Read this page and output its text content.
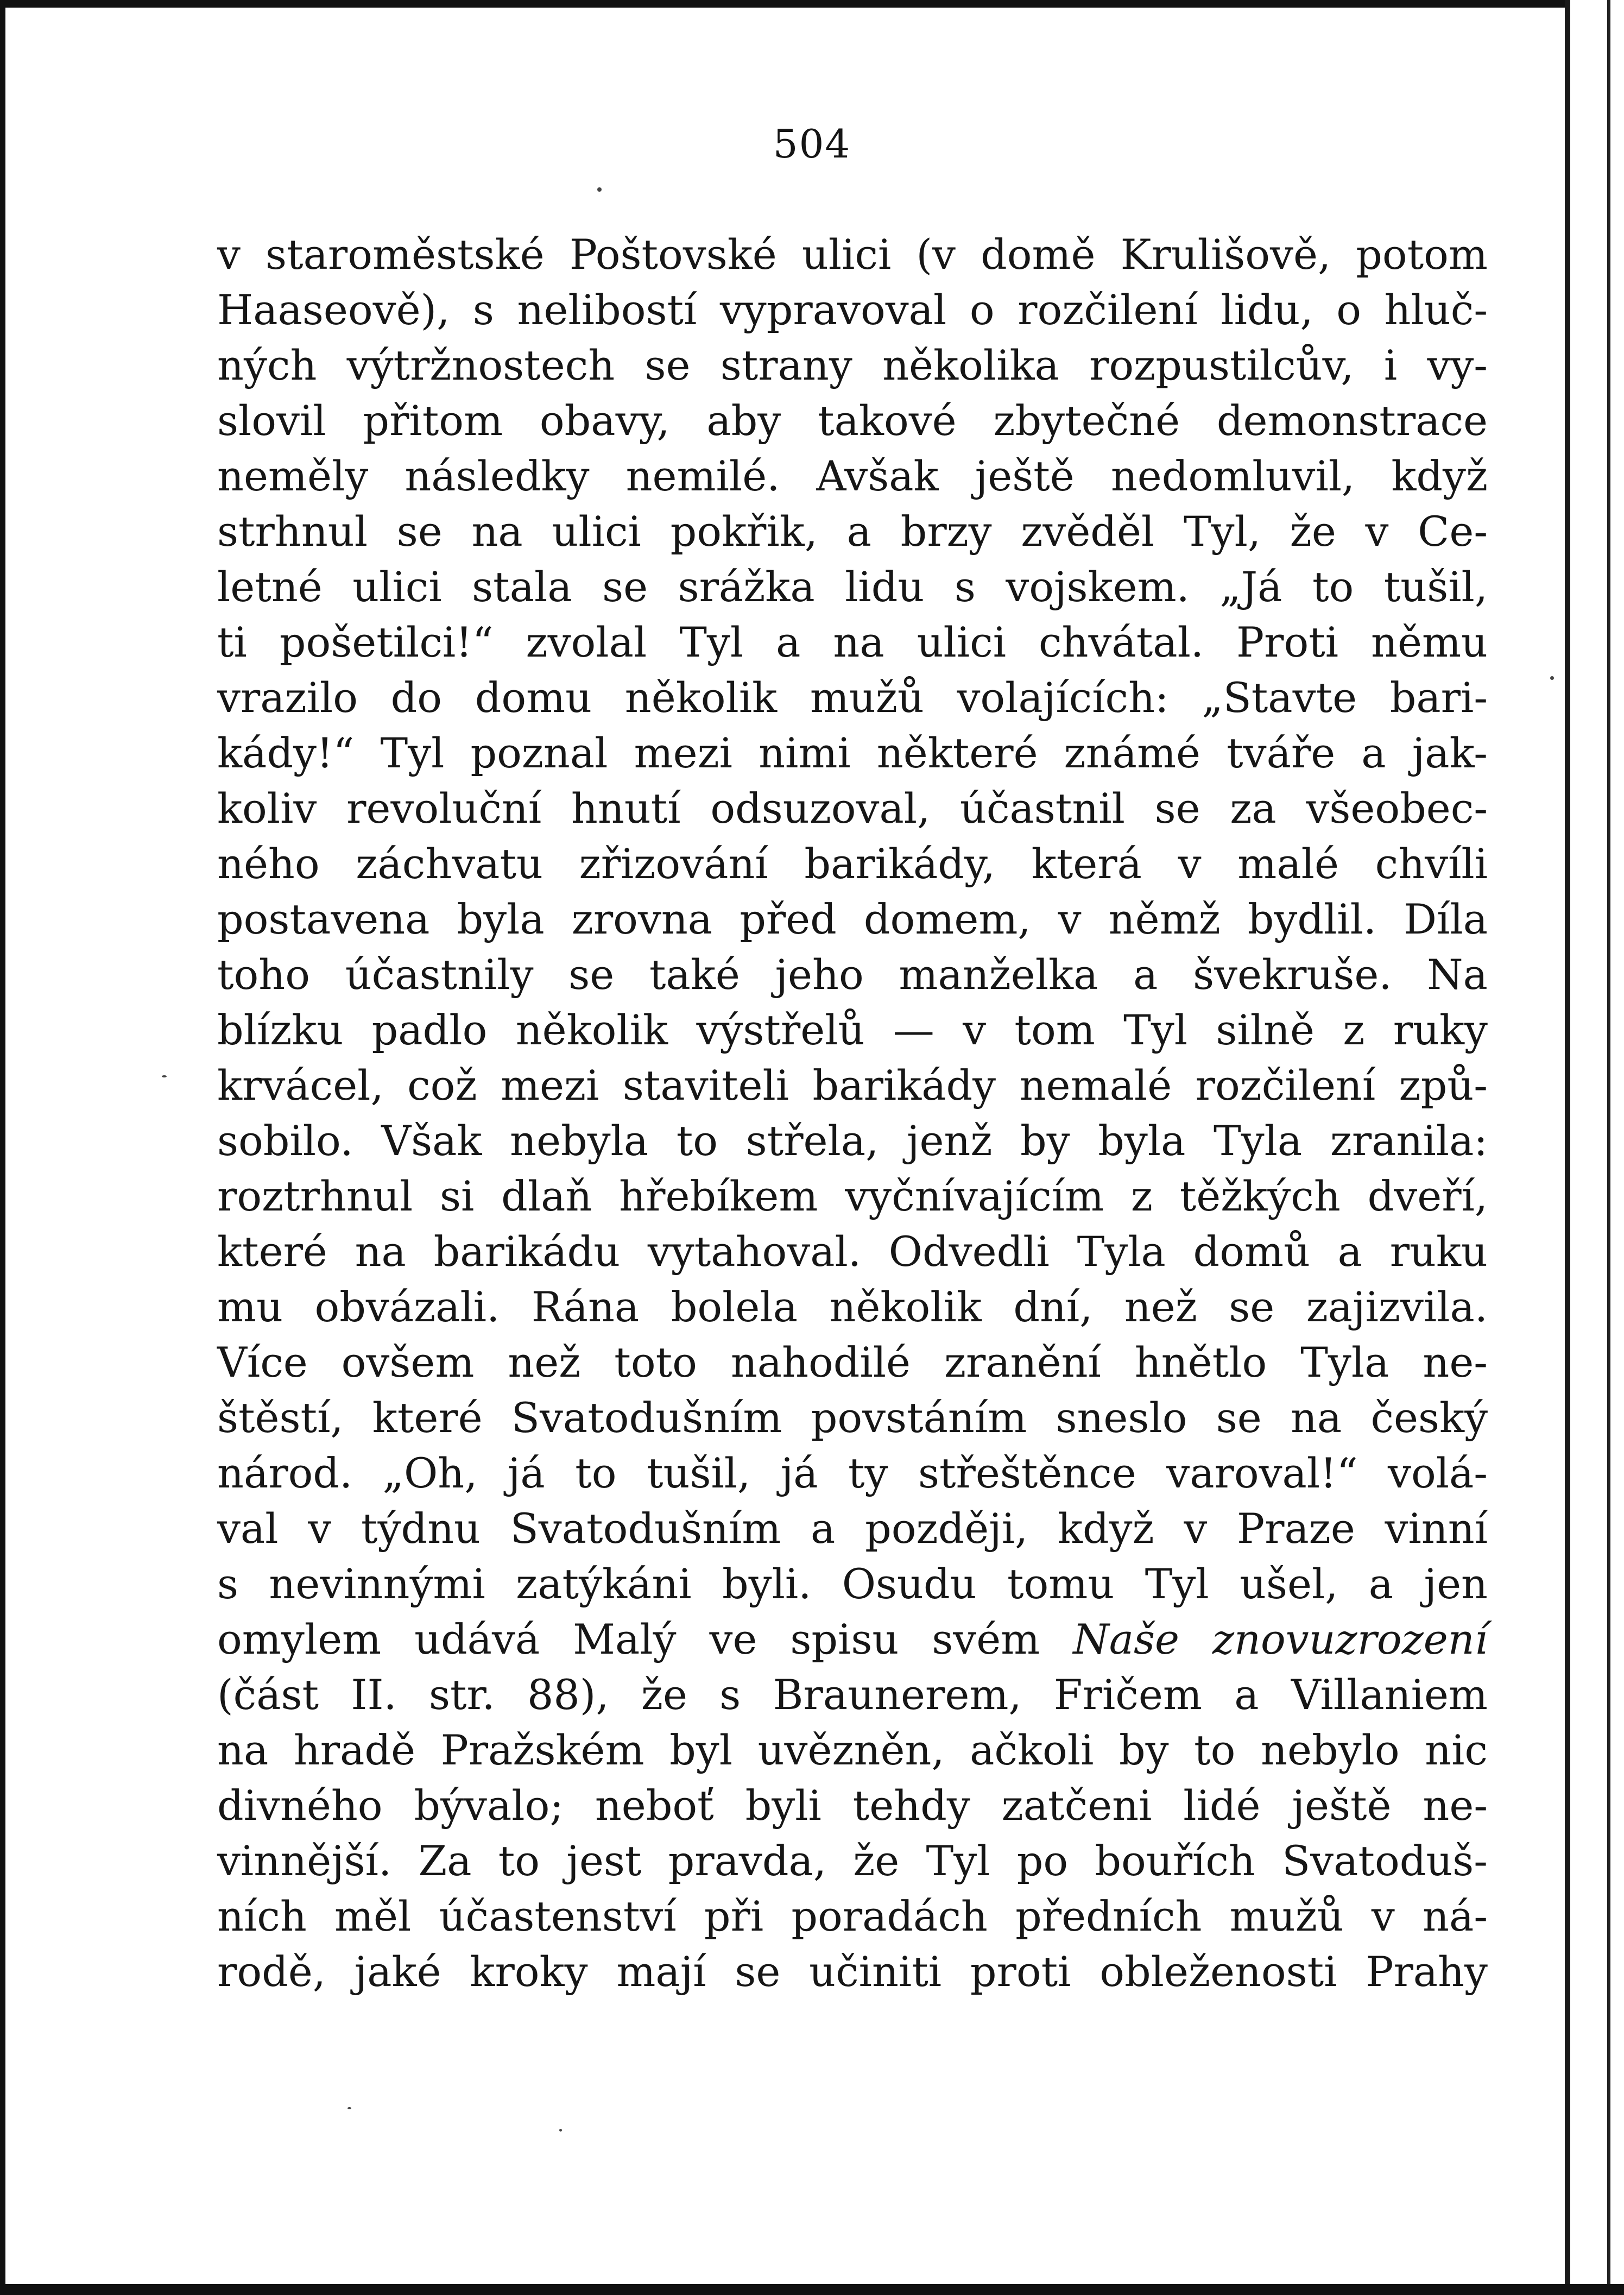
504
v staroměstské Poštovské ulici (v domě Krulišově, potom
Haaseově), s nelibostí vypravoval o rozčilení lidu, o hluč-
ných výtržnostech se strany několika rozpustilcův, i vy-
slovil přitom obavy, aby takové zbytečné demonstrace
neměly následky nemilé. Avšak ještě nedomluvil, když
strhnul se na ulici pokřik, a brzy zvěděl Tyl, že v Ce-
letné ulici stala se srážka lidu s vojskem. „Já to tušil,
ti pošetilci!“ zvolal Tyl a na ulici chvátal. Proti němu
vrazilo do domu několik mužů volajících: „Stavte bari-
kády!“ Tyl poznal mezi nimi některé známé tváře a jak-
koliv revoluční hnutí odsuzoval, účastnil se za všeobec-
ného záchvatu zřizování barikády, která v malé chvíli
postavena byla zrovna před domem, v němž bydlil. Díla
toho účastnily se také jeho manželka a švekruše. Na
blízku padlo několik výstřelů — v tom Tyl silně z ruky
krvácel, což mezi staviteli barikády nemalé rozčilení způ-
sobilo. Však nebyla to střela, jenž by byla Tyla zranila:
roztrhnul si dlaň hřebíkem vyčnívajícím z těžkých dveří,
které na barikádu vytahoval. Odvedli Tyla domů a ruku
mu obvázali. Rána bolela několik dní, než se zajizvila.
Více ovšem než toto nahodilé zranění hnětlo Tyla ne-
štěstí, které Svatodušním povstáním sneslo se na český
národ. „Oh, já to tušil, já ty střeštěnce varoval!“ volá-
val v týdnu Svatodušním a později, když v Praze vinní
s nevinnými zatýkáni byli. Osudu tomu Tyl ušel, a jen
omylem udává Malý ve spisu svém Naše znovuzrození
(část II. str. 88), že s Braunerem, Fričem a Villaniem
na hradě Pražském byl uvězněn, ačkoli by to nebylo nic
divného bývalo; neboť byli tehdy zatčeni lidé ještě ne-
vinnější. Za to jest pravda, že Tyl po bouřích Svatoduš-
ních měl účastenství při poradách předních mužů v ná-
rodě, jaké kroky mají se učiniti proti obleženosti Prahy
